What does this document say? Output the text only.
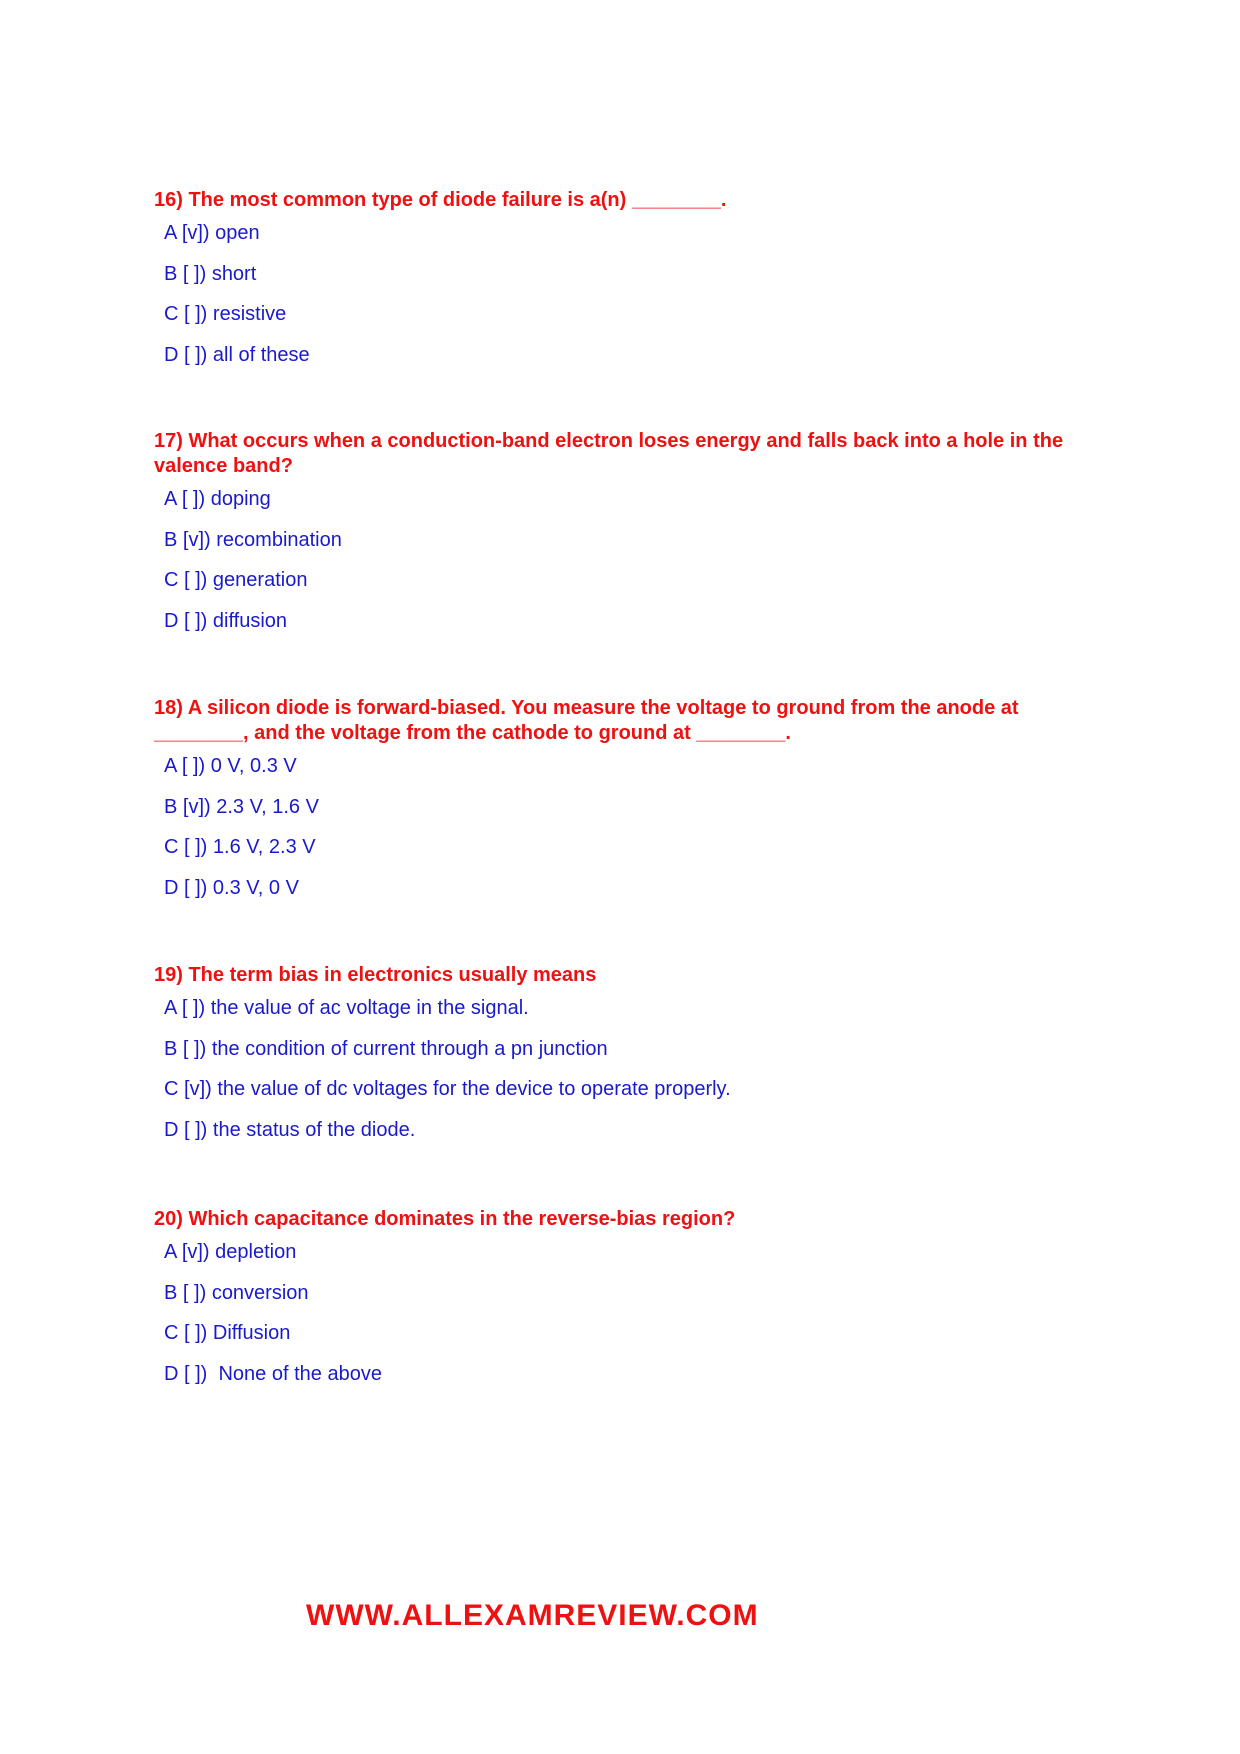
16) The most common type of diode failure is a(n) ________.
A [v]) open
B [ ]) short
C [ ]) resistive
D [ ]) all of these
17) What occurs when a conduction-band electron loses energy and falls back into a hole in the valence band?
A [ ]) doping
B [v]) recombination
C [ ]) generation
D [ ]) diffusion
18) A silicon diode is forward-biased. You measure the voltage to ground from the anode at ________, and the voltage from the cathode to ground at ________.
A [ ]) 0 V, 0.3 V
B [v]) 2.3 V, 1.6 V
C [ ]) 1.6 V, 2.3 V
D [ ]) 0.3 V, 0 V
19) The term bias in electronics usually means
A [ ]) the value of ac voltage in the signal.
B [ ]) the condition of current through a pn junction
C [v]) the value of dc voltages for the device to operate properly.
D [ ]) the status of the diode.
20) Which capacitance dominates in the reverse-bias region?
A [v]) depletion
B [ ]) conversion
C [ ]) Diffusion
D [ ])  None of the above
WWW.ALLEXAMREVIEW.COM
